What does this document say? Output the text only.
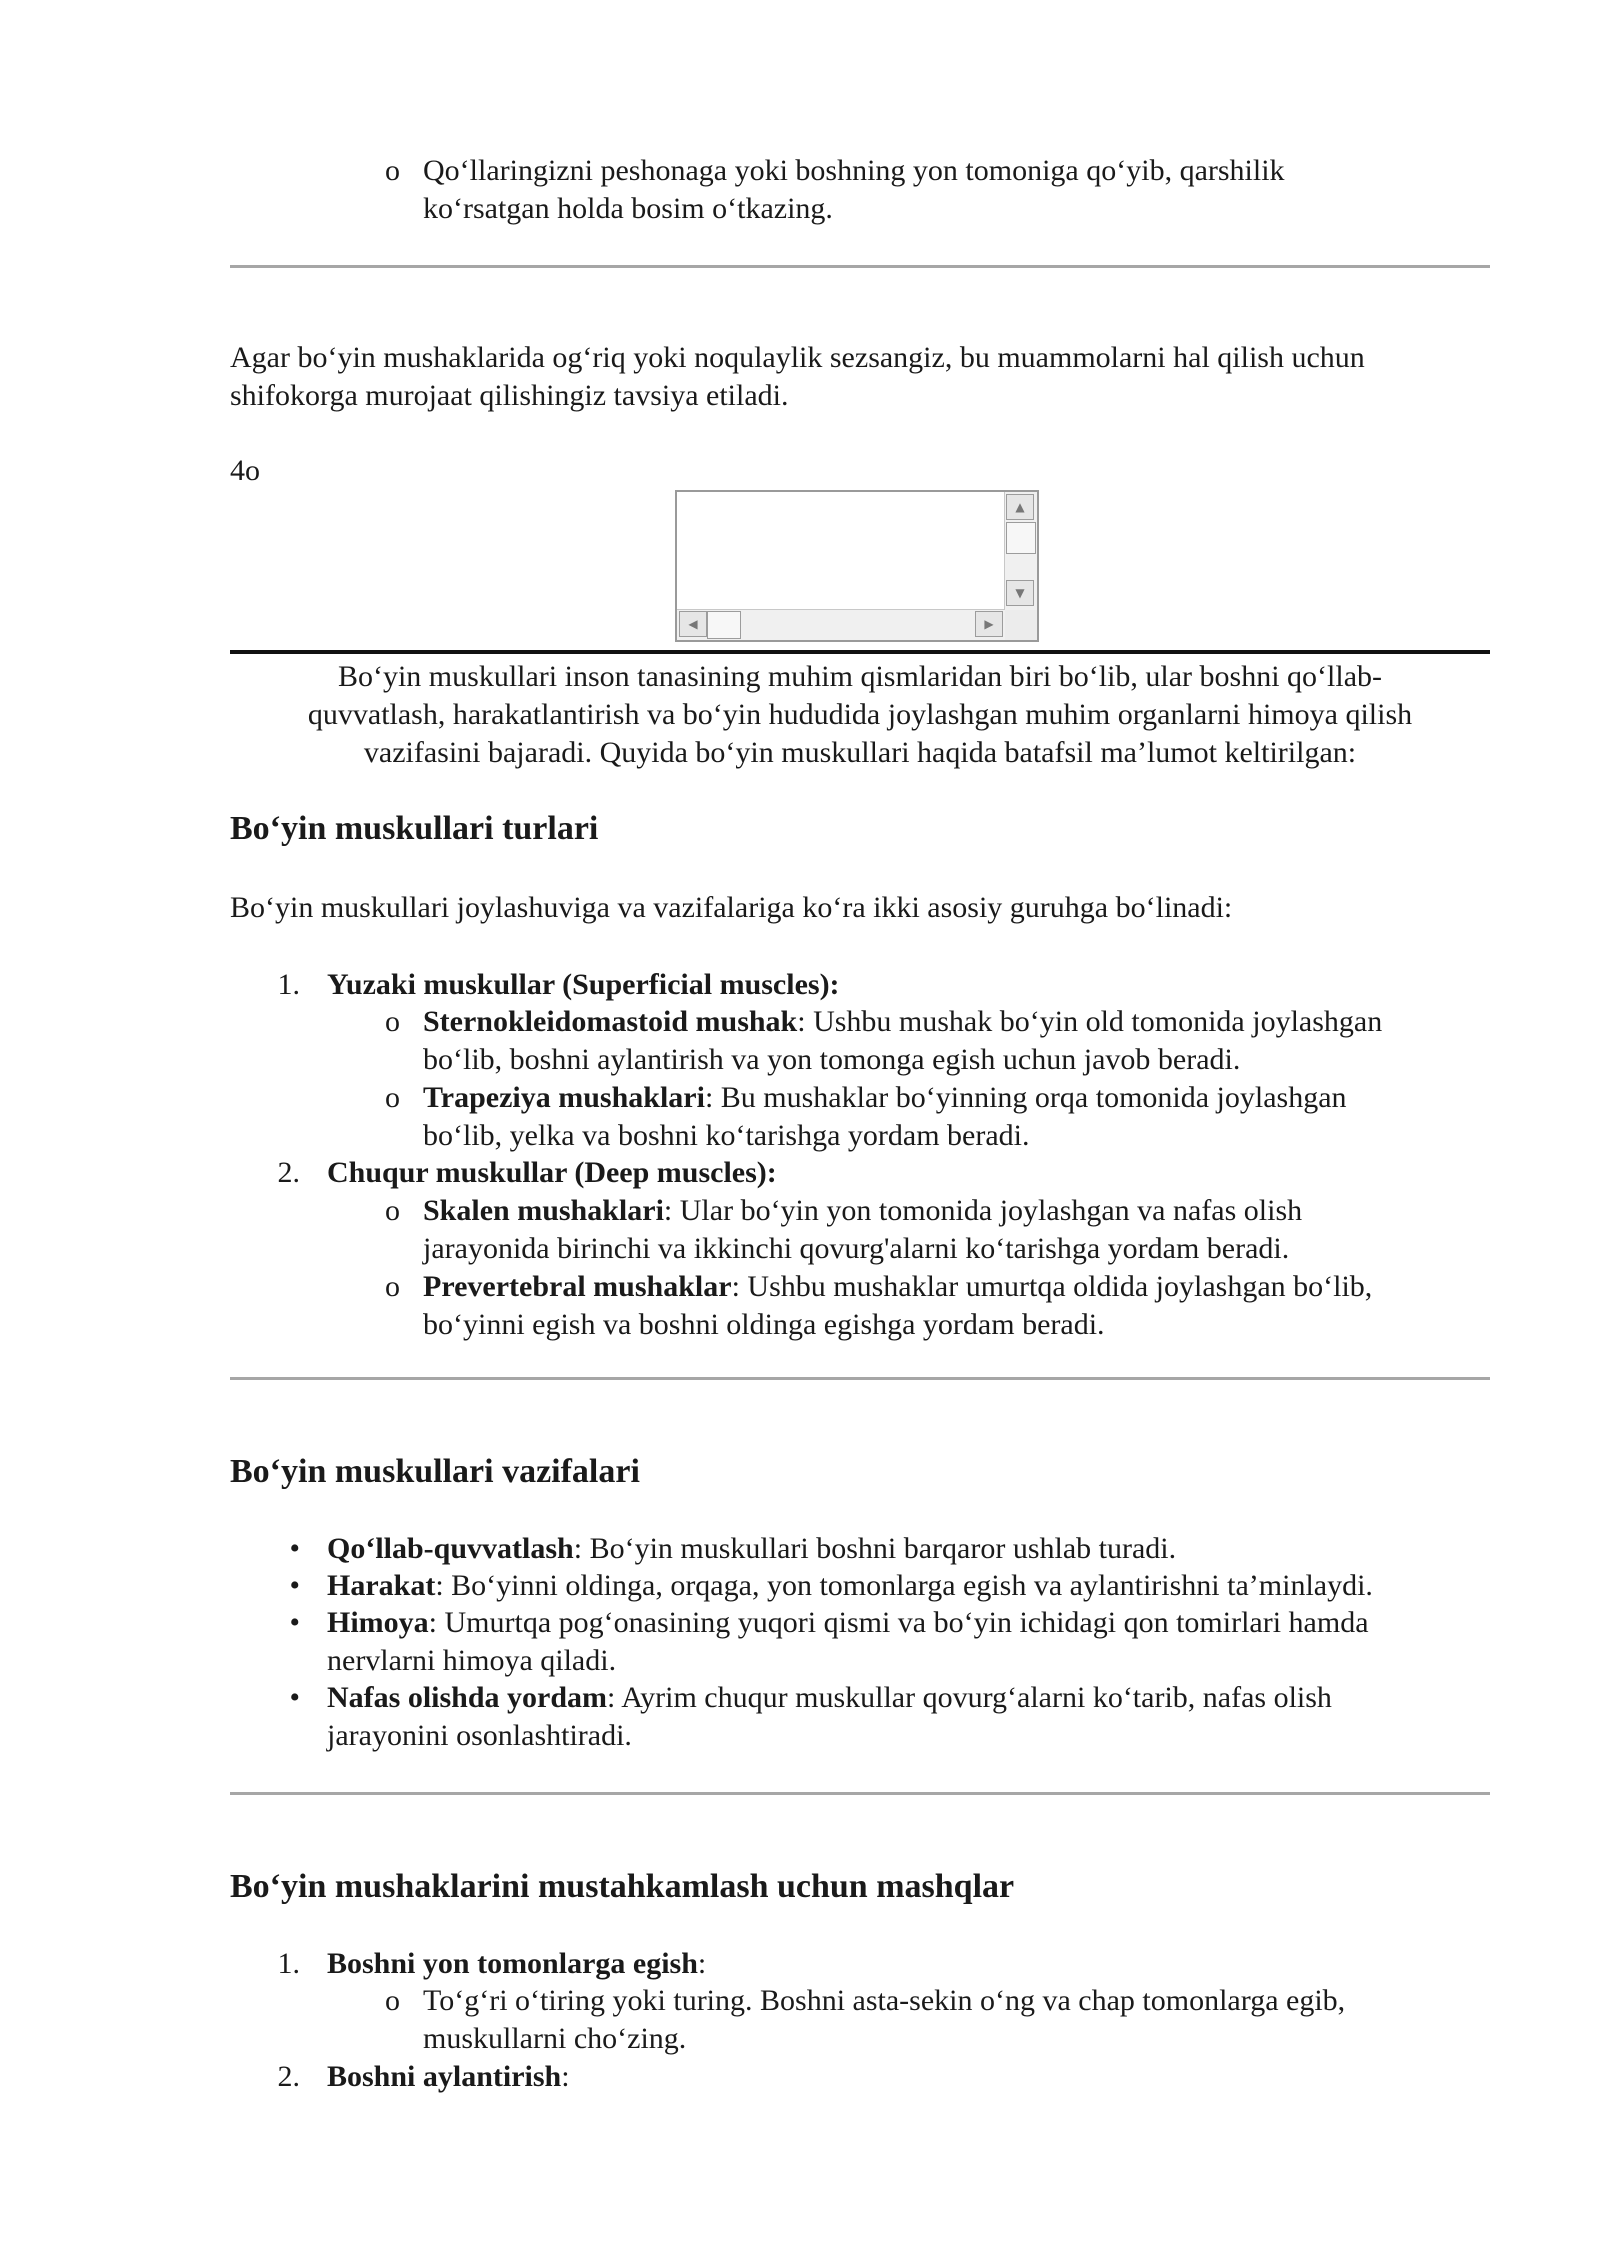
o Qo‘llaringizni peshonaga yoki boshning yon tomoniga qo‘yib, qarshilik
ko‘rsatgan holda bosim o‘tkazing.
Agar bo‘yin mushaklarida og‘riq yoki noqulaylik sezsangiz, bu muammolarni hal qilish uchun
shifokorga murojaat qilishingiz tavsiya etiladi.
4o
▲
▼
◀	▶
Bo‘yin muskullari inson tanasining muhim qismlaridan biri bo‘lib, ular boshni qo‘llab-
quvvatlash, harakatlantirish va bo‘yin hududida joylashgan muhim organlarni himoya qilish
vazifasini bajaradi. Quyida bo‘yin muskullari haqida batafsil ma’lumot keltirilgan:
Bo‘yin muskullari turlari
Bo‘yin muskullari joylashuviga va vazifalariga ko‘ra ikki asosiy guruhga bo‘linadi:
1. Yuzaki muskullar (Superficial muscles):
o Sternokleidomastoid mushak: Ushbu mushak bo‘yin old tomonida joylashgan
bo‘lib, boshni aylantirish va yon tomonga egish uchun javob beradi.
o Trapeziya mushaklari: Bu mushaklar bo‘yinning orqa tomonida joylashgan
bo‘lib, yelka va boshni ko‘tarishga yordam beradi.
2. Chuqur muskullar (Deep muscles):
o Skalen mushaklari: Ular bo‘yin yon tomonida joylashgan va nafas olish
jarayonida birinchi va ikkinchi qovurg'alarni ko‘tarishga yordam beradi.
o Prevertebral mushaklar: Ushbu mushaklar umurtqa oldida joylashgan bo‘lib,
bo‘yinni egish va boshni oldinga egishga yordam beradi.
Bo‘yin muskullari vazifalari
• Qo‘llab-quvvatlash: Bo‘yin muskullari boshni barqaror ushlab turadi.
• Harakat: Bo‘yinni oldinga, orqaga, yon tomonlarga egish va aylantirishni ta’minlaydi.
• Himoya: Umurtqa pog‘onasining yuqori qismi va bo‘yin ichidagi qon tomirlari hamda
nervlarni himoya qiladi.
• Nafas olishda yordam: Ayrim chuqur muskullar qovurg‘alarni ko‘tarib, nafas olish
jarayonini osonlashtiradi.
Bo‘yin mushaklarini mustahkamlash uchun mashqlar
1. Boshni yon tomonlarga egish:
o To‘g‘ri o‘tiring yoki turing. Boshni asta-sekin o‘ng va chap tomonlarga egib,
muskullarni cho‘zing.
2. Boshni aylantirish:
